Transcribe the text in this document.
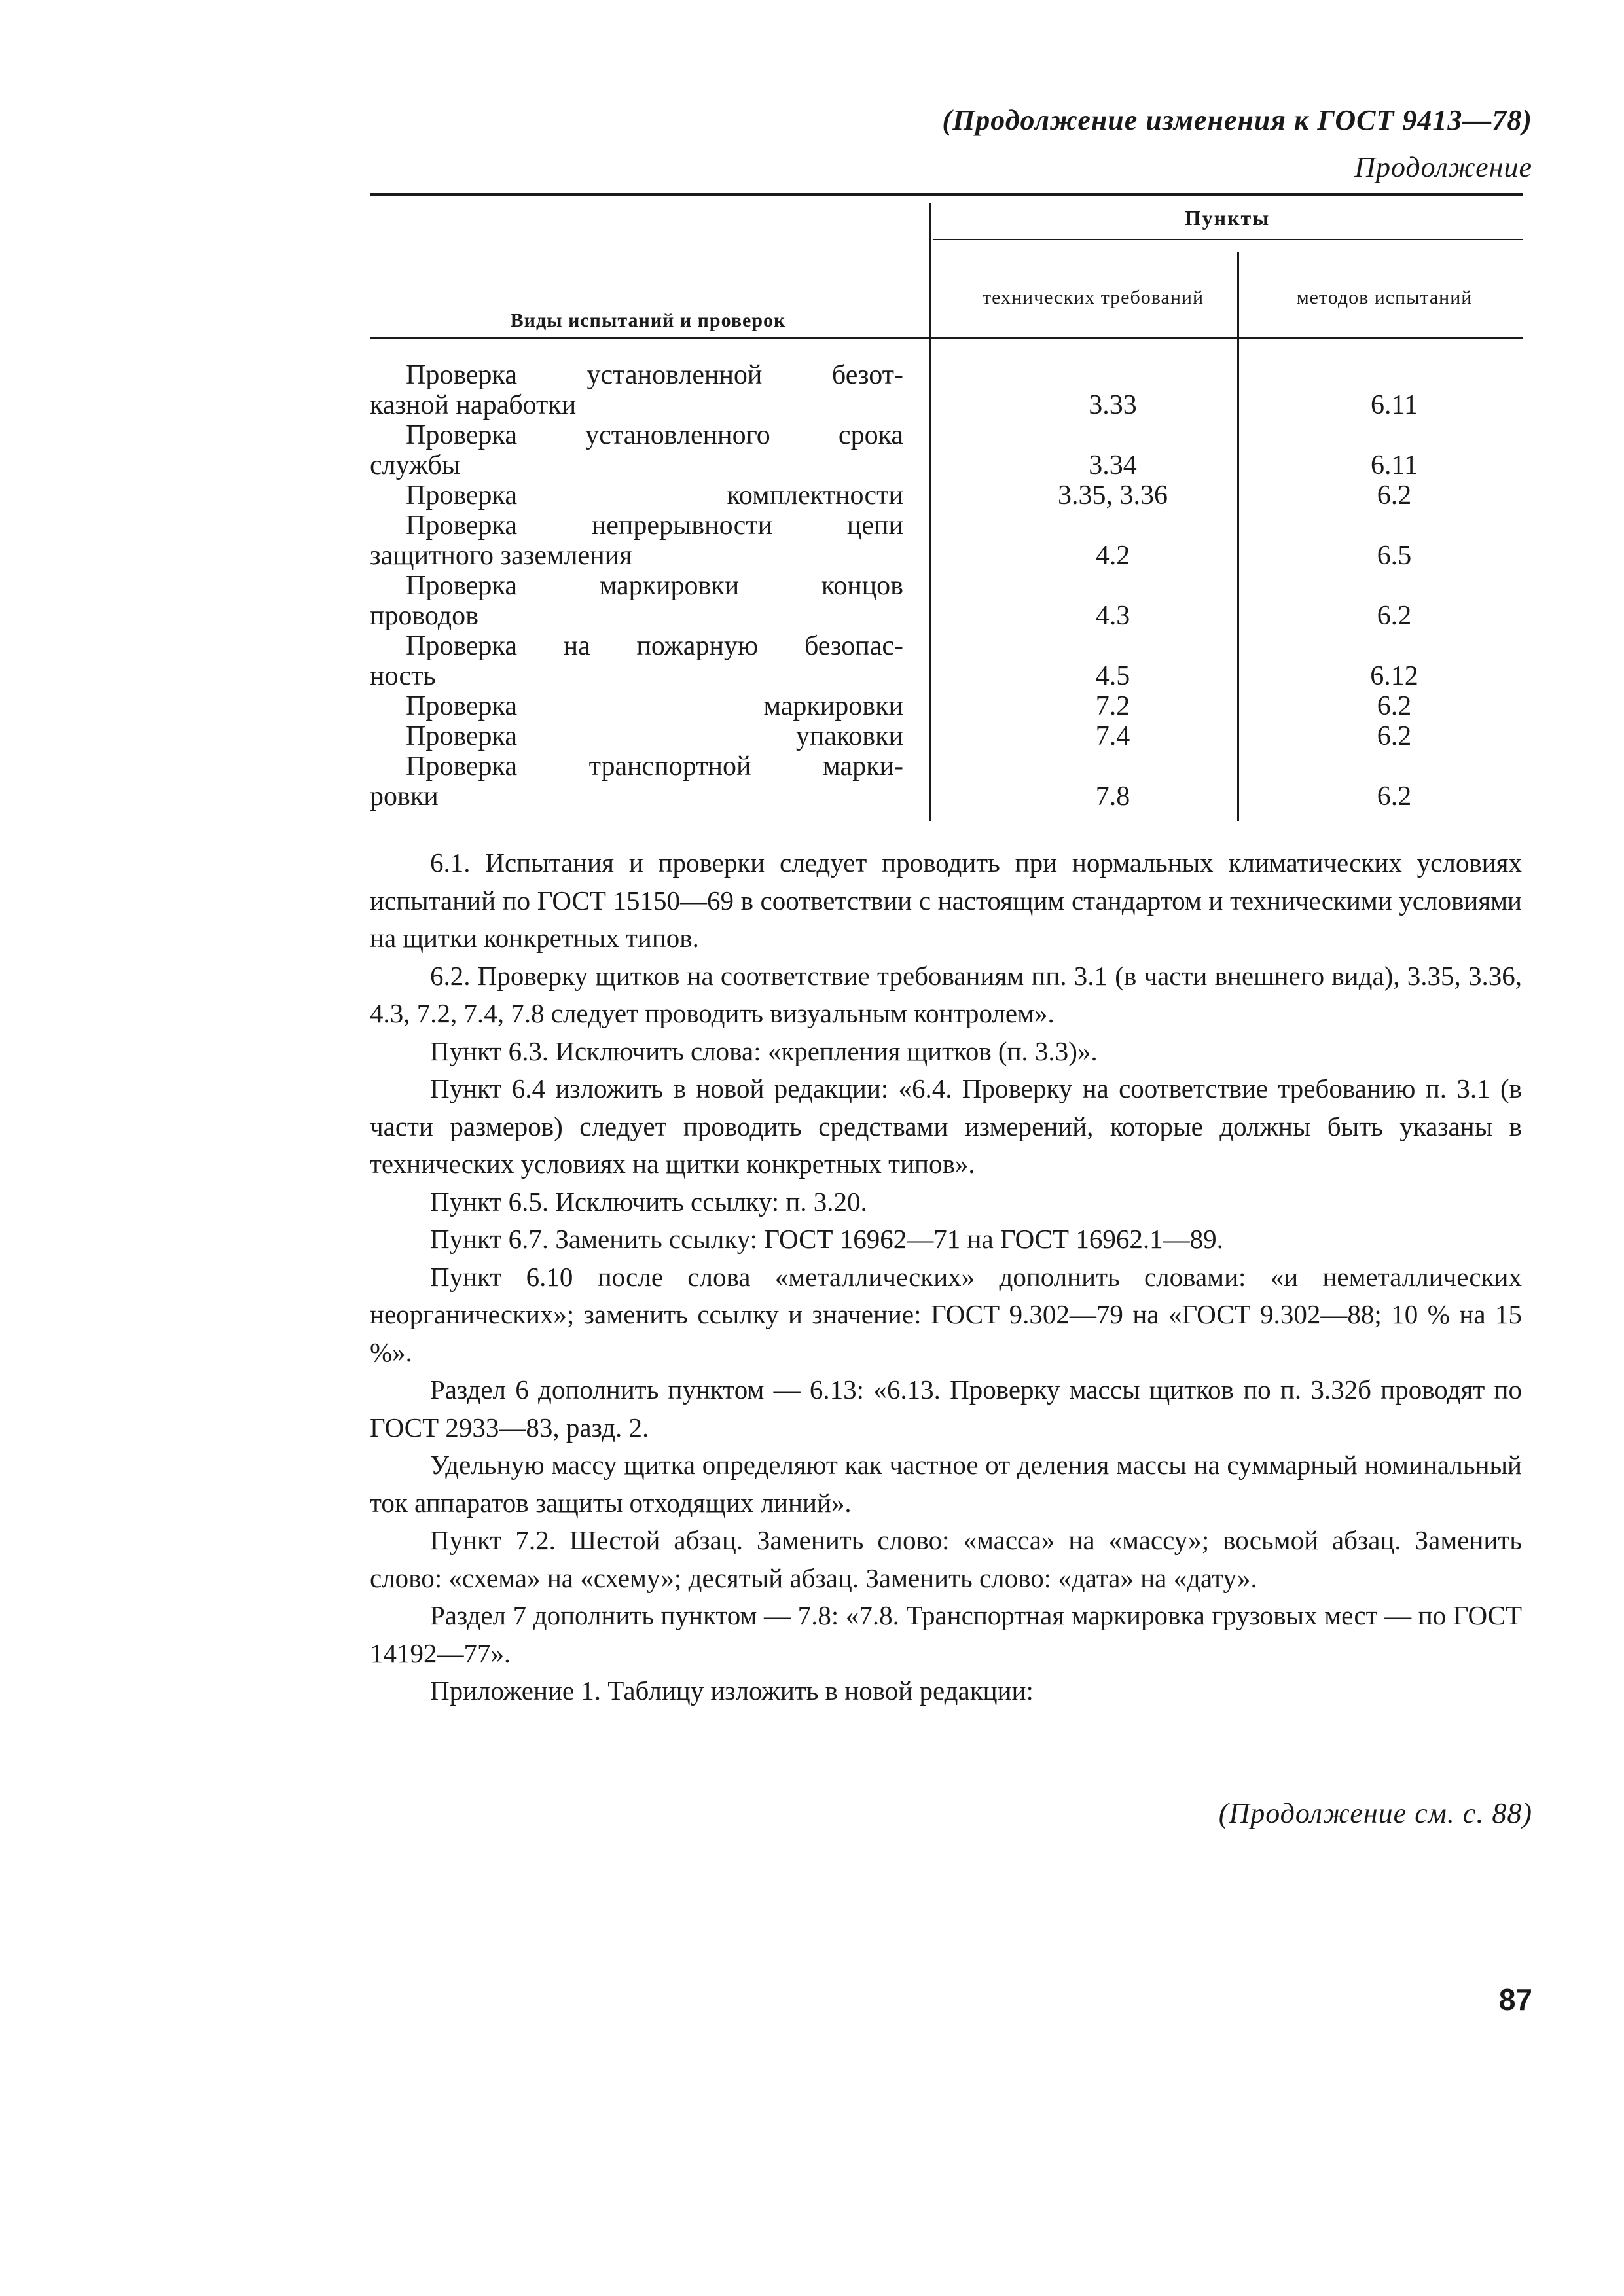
(Продолжение изменения к ГОСТ 9413—78)
Продолжение
Виды испытаний и проверок
Пункты
технических требований	методов испытаний
Проверка установленной безот-
казной наработки	3.33	6.11
Проверка установленного срока
службы	3.34	6.11
Проверка комплектности	3.35, 3.36	6.2
Проверка непрерывности цепи
защитного заземления	4.2	6.5
Проверка маркировки концов
проводов	4.3	6.2
Проверка на пожарную безопас-
ность	4.5	6.12
Проверка маркировки	7.2	6.2
Проверка упаковки	7.4	6.2
Проверка транспортной марки-
ровки	7.8	6.2

6.1. Испытания и проверки следует проводить при нормальных климатических условиях испытаний по ГОСТ 15150—69 в соответствии с настоящим стандартом и техническими условиями на щитки конкретных типов.

6.2. Проверку щитков на соответствие требованиям пп. 3.1 (в части внешнего вида), 3.35, 3.36, 4.3, 7.2, 7.4, 7.8 следует проводить визуальным контролем».

Пункт 6.3. Исключить слова: «крепления щитков (п. 3.3)».

Пункт 6.4 изложить в новой редакции: «6.4. Проверку на соответствие требованию п. 3.1 (в части размеров) следует проводить средствами измерений, которые должны быть указаны в технических условиях на щитки конкретных типов».

Пункт 6.5. Исключить ссылку: п. 3.20.

Пункт 6.7. Заменить ссылку: ГОСТ 16962—71 на ГОСТ 16962.1—89.

Пункт 6.10 после слова «металлических» дополнить словами: «и неметаллических неорганических»; заменить ссылку и значение: ГОСТ 9.302—79 на «ГОСТ 9.302—88; 10 % на 15 %».

Раздел 6 дополнить пунктом — 6.13: «6.13. Проверку массы щитков по п. 3.32б проводят по ГОСТ 2933—83, разд. 2.

Удельную массу щитка определяют как частное от деления массы на суммарный номинальный ток аппаратов защиты отходящих линий».

Пункт 7.2. Шестой абзац. Заменить слово: «масса» на «массу»; восьмой абзац. Заменить слово: «схема» на «схему»; десятый абзац. Заменить слово: «дата» на «дату».

Раздел 7 дополнить пунктом — 7.8: «7.8. Транспортная маркировка грузовых мест — по ГОСТ 14192—77».

Приложение 1. Таблицу изложить в новой редакции:

(Продолжение см. с. 88)
87
